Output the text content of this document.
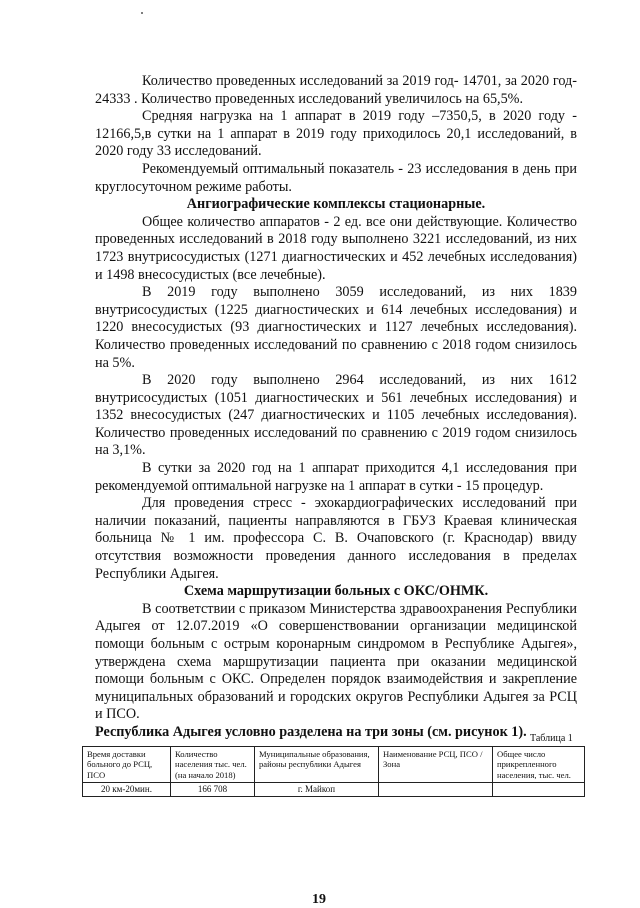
Количество проведенных исследований за 2019 год- 14701, за 2020 год- 24333 . Количество проведенных исследований увеличилось на 65,5%.

Средняя нагрузка на 1 аппарат в 2019 году –7350,5, в 2020 году - 12166,5,в сутки на 1 аппарат в 2019 году приходилось 20,1 исследований, в 2020 году 33 исследований.

Рекомендуемый оптимальный показатель - 23 исследования в день при круглосуточном режиме работы.

Ангиографические комплексы стационарные.

Общее количество аппаратов - 2 ед. все они действующие. Количество проведенных исследований в 2018 году выполнено 3221 исследований, из них 1723 внутрисосудистых (1271 диагностических и 452 лечебных исследования) и 1498 внесосудистых (все лечебные).

В 2019 году выполнено 3059 исследований, из них 1839 внутрисосудистых (1225 диагностических и 614 лечебных исследования) и 1220 внесосудистых (93 диагностических и 1127 лечебных исследования). Количество проведенных исследований по сравнению с 2018 годом снизилось на 5%.

В 2020 году выполнено 2964 исследований, из них 1612 внутрисосудистых (1051 диагностических и 561 лечебных исследования) и 1352 внесосудистых (247 диагностических и 1105 лечебных исследования). Количество проведенных исследований по сравнению с 2019 годом снизилось на 3,1%.

В сутки за 2020 год на 1 аппарат приходится 4,1 исследования при рекомендуемой оптимальной нагрузке на 1 аппарат в сутки - 15 процедур.

Для проведения стресс - эхокардиографических исследований при наличии показаний, пациенты направляются в ГБУЗ Краевая клиническая больница № 1 им. профессора С. В. Очаповского (г. Краснодар) ввиду отсутствия возможности проведения данного исследования в пределах Республики Адыгея.

Схема маршрутизации больных с ОКС/ОНМК.

В соответствии с приказом Министерства здравоохранения Республики Адыгея от 12.07.2019 «О совершенствовании организации медицинской помощи больным с острым коронарным синдромом в Республике Адыгея», утверждена схема маршрутизации пациента при оказании медицинской помощи больным с ОКС. Определен порядок взаимодействия и закрепление муниципальных образований и городских округов Республики Адыгея за РСЦ и ПСО.

Республика Адыгея условно разделена на три зоны (см. рисунок 1). Таблица 1
Время доставки больного до РСЦ, ПСО	Количество населения тыс. чел. (на начало 2018)	Муниципальные образования, районы республики Адыгея	Наименование РСЦ, ПСО / Зона	Общее число прикрепленного населения, тыс. чел.
20 км-20мин.	166 708	г. Майкоп		
19
